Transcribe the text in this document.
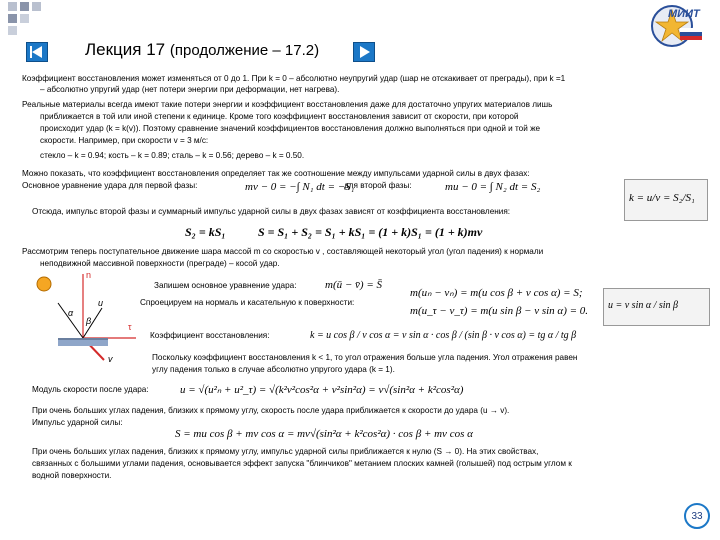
Лекция 17 (продолжение – 17.2)
МИИТ
Коэффициент восстановления может изменяться от 0 до 1. При k = 0 – абсолютно неупругий удар (шар не отскакивает от преграды), при k =1
– абсолютно упругий удар (нет потери энергии при деформации, нет нагрева).
Реальные материалы всегда имеют такие потери энергии и коэффициент восстановления даже для достаточно упругих материалов лишь
приближается в той или иной степени к единице. Кроме того коэффициент восстановления зависит от скорости, при которой
происходит удар (k = k(v)). Поэтому сравнение значений коэффициентов восстановления должно выполняться при одной и той же
скорости. Например, при скорости v = 3 м/с:
стекло – k = 0.94; кость – k = 0.89; сталь – k = 0.56; дерево – k = 0.50.
Можно показать, что коэффициент восстановления определяет так же соотношение между импульсами ударной силы в двух фазах:
Основное уравнение удара для первой фазы:	mv − 0 = −∫ N₁ dt = −S₁
для второй фазы:	mu − 0 = ∫ N₂ dt = S₂
k = u/v = S₂/S₁
Отсюда, импульс второй фазы и суммарный импульс ударной силы в двух фазах зависят от коэффициента восстановления:
S₂ = kS₁	S = S₁ + S₂ = S₁ + kS₁ = (1 + k)S₁ = (1 + k)mv
Рассмотрим теперь поступательное движение шара массой m со скоростью v , составляющей некоторый угол (угол падения) к нормали
неподвижной массивной поверхности (преграде) – косой удар.
n
τ
α
β
u
v
Запишем основное уравнение удара:	m(ū − v̄) = S̄
Спроецируем на нормаль и касательную к поверхности:
m(uₙ − vₙ) = m(u cos β + v cos α) = S;
m(u_τ − v_τ) = m(u sin β − v sin α) = 0. u = v sin α / sin β
Коэффициент восстановления:	k = u cos β / v cos α = v sin α · cos β / (sin β · v cos α) = tg α / tg β
Поскольку коэффициент восстановления k < 1, то угол отражения больше угла падения. Угол отражения равен
углу падения только в случае абсолютно упругого удара (k = 1).
Модуль скорости после удара:	u = √(u²ₙ + u²_τ) = √(k²v²cos²α + v²sin²α) = v√(sin²α + k²cos²α)
При очень больших углах падения, близких к прямому углу, скорость после удара приближается к скорости до удара (u → v).
Импульс ударной силы:
S = mu cos β + mv cos α = mv√(sin²α + k²cos²α) · cos β + mv cos α
При очень больших углах падения, близких к прямому углу, импульс ударной силы приближается к нулю (S → 0). На этих свойствах,
связанных с большими углами падения, основывается эффект запуска "блинчиков" метанием плоских камней (голышей) под острым углом к
водной поверхности.
33
